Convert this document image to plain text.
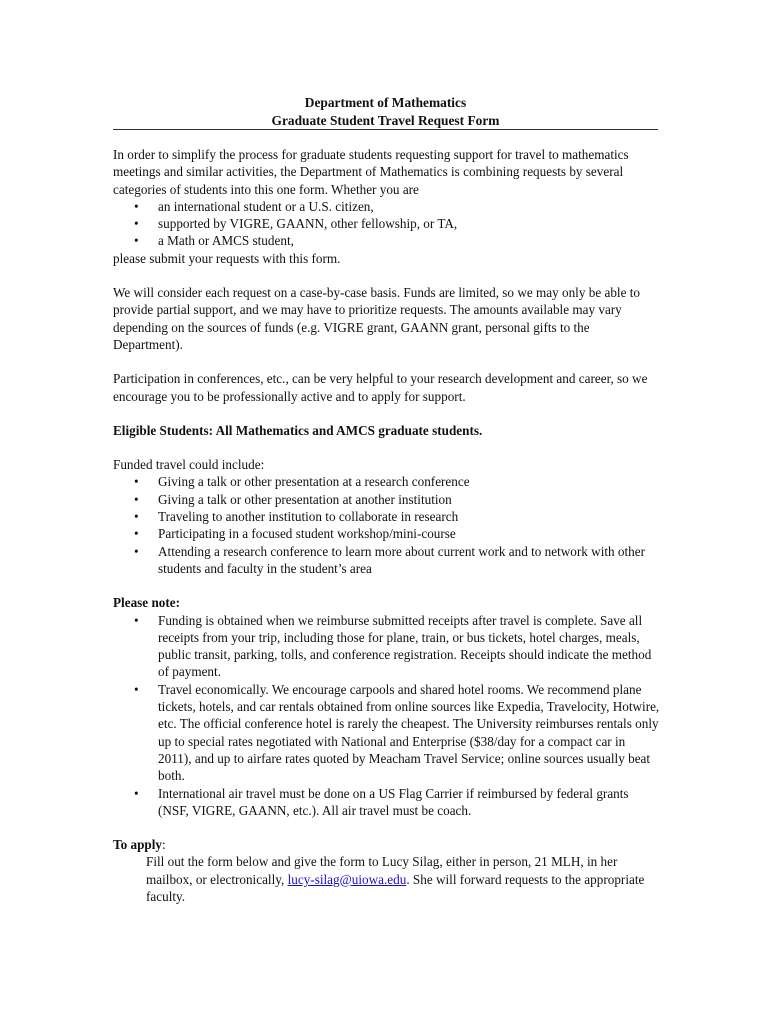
Department of Mathematics
Graduate Student Travel Request Form

In order to simplify the process for graduate students requesting support for travel to mathematics meetings and similar activities, the Department of Mathematics is combining requests by several categories of students into this one form. Whether you are

• an international student or a U.S. citizen,
• supported by VIGRE, GAANN, other fellowship, or TA,
• a Math or AMCS student,

please submit your requests with this form.

We will consider each request on a case-by-case basis. Funds are limited, so we may only be able to provide partial support, and we may have to prioritize requests. The amounts available may vary depending on the sources of funds (e.g. VIGRE grant, GAANN grant, personal gifts to the Department).

Participation in conferences, etc., can be very helpful to your research development and career, so we encourage you to be professionally active and to apply for support.

Eligible Students: All Mathematics and AMCS graduate students.

Funded travel could include:

• Giving a talk or other presentation at a research conference
• Giving a talk or other presentation at another institution
• Traveling to another institution to collaborate in research
• Participating in a focused student workshop/mini-course
• Attending a research conference to learn more about current work and to network with other students and faculty in the student’s area

Please note:

• Funding is obtained when we reimburse submitted receipts after travel is complete. Save all receipts from your trip, including those for plane, train, or bus tickets, hotel charges, meals, public transit, parking, tolls, and conference registration. Receipts should indicate the method of payment.
• Travel economically. We encourage carpools and shared hotel rooms. We recommend plane tickets, hotels, and car rentals obtained from online sources like Expedia, Travelocity, Hotwire, etc. The official conference hotel is rarely the cheapest. The University reimburses rentals only up to special rates negotiated with National and Enterprise ($38/day for a compact car in 2011), and up to airfare rates quoted by Meacham Travel Service; online sources usually beat both.
• International air travel must be done on a US Flag Carrier if reimbursed by federal grants (NSF, VIGRE, GAANN, etc.). All air travel must be coach.

To apply:

Fill out the form below and give the form to Lucy Silag, either in person, 21 MLH, in her mailbox, or electronically, lucy-silag@uiowa.edu. She will forward requests to the appropriate faculty.
